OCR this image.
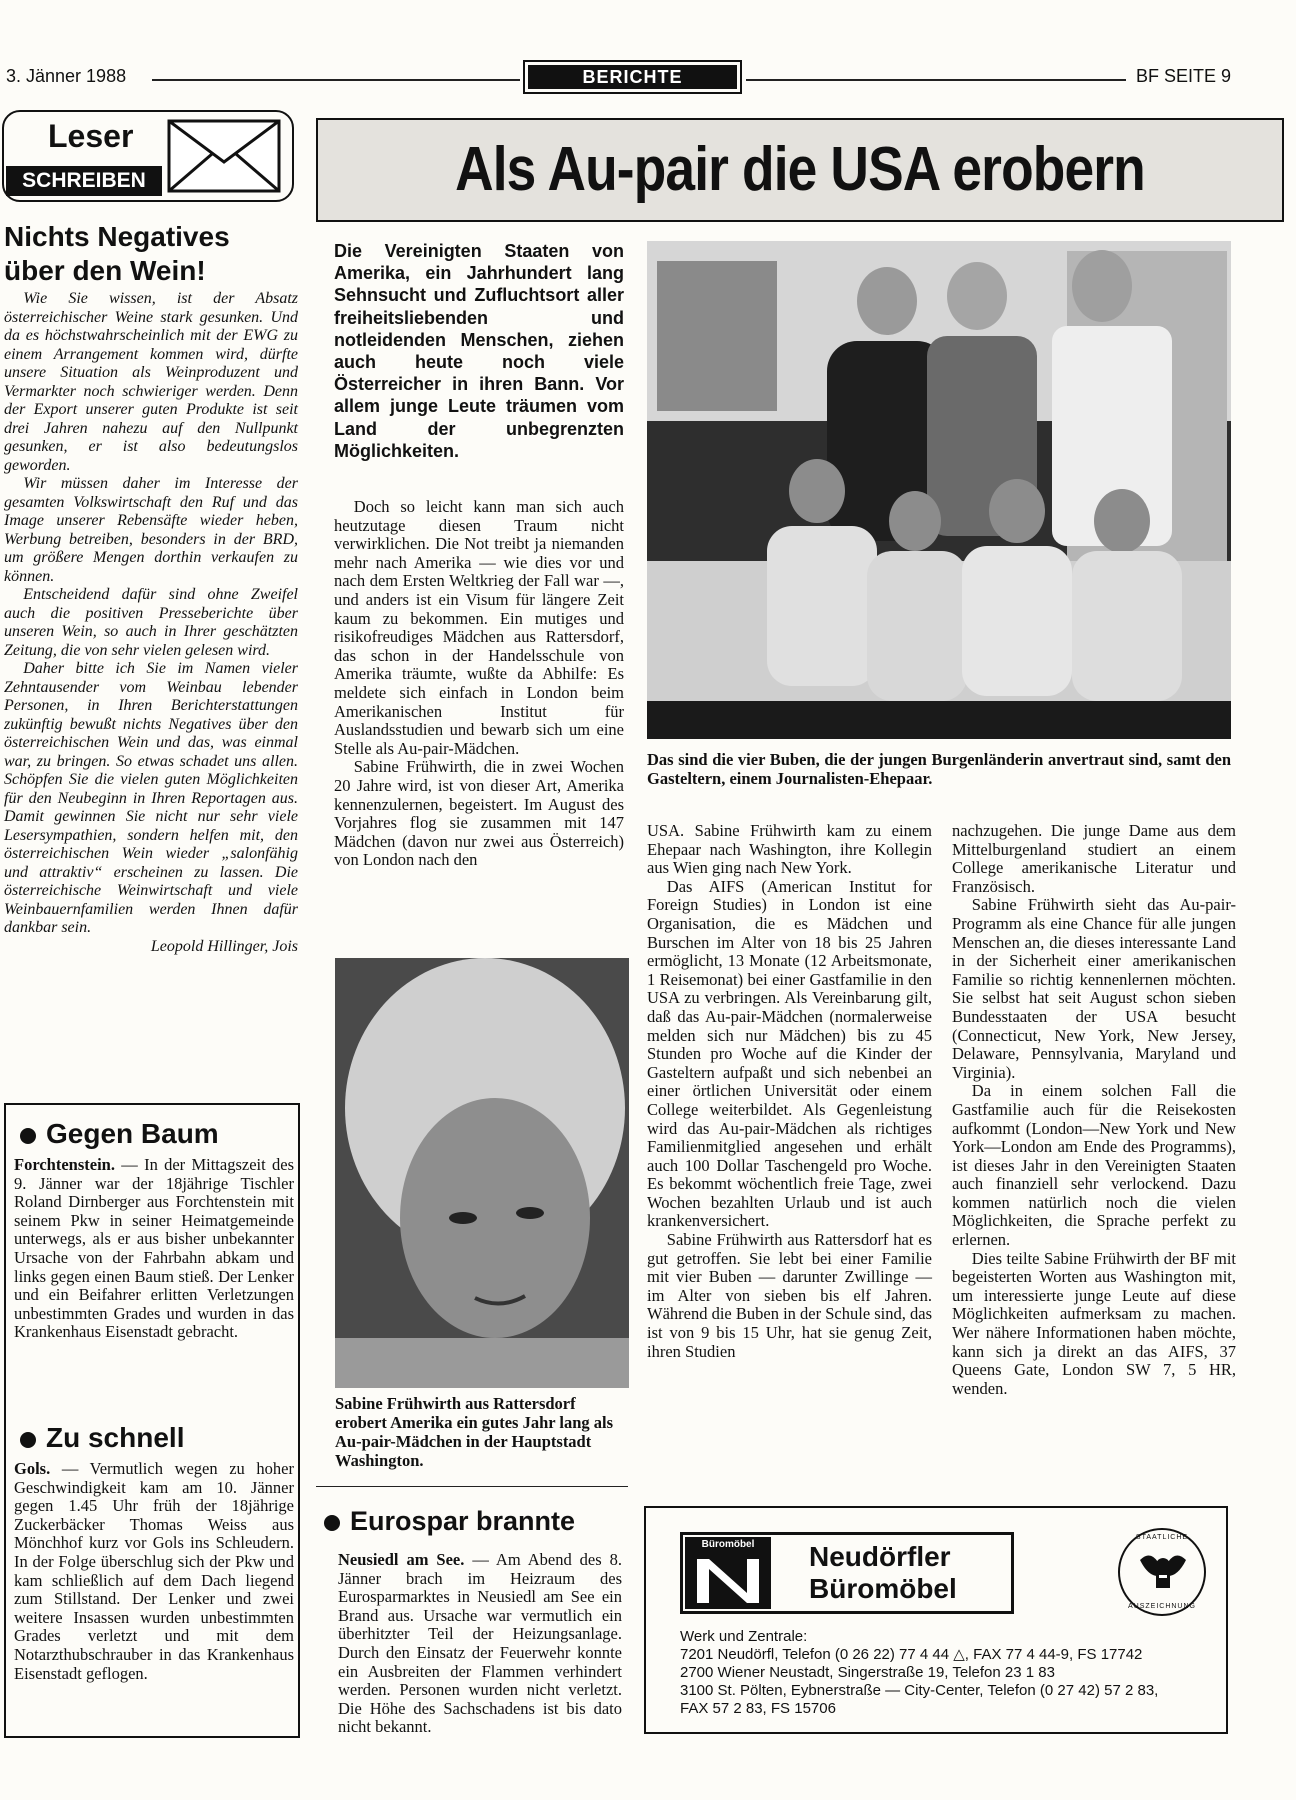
3. Jänner 1988	BERICHTE	BF SEITE 9
Leser
SCHREIBEN
Nichts Negatives
über den Wein!

Wie Sie wissen, ist der Absatz österreichischer Weine stark gesunken. Und da es höchstwahrscheinlich mit der EWG zu einem Arrangement kommen wird, dürfte unsere Situation als Weinproduzent und Vermarkter noch schwieriger werden. Denn der Export unserer guten Produkte ist seit drei Jahren nahezu auf den Nullpunkt gesunken, er ist also bedeutungslos geworden.

Wir müssen daher im Interesse der gesamten Volkswirtschaft den Ruf und das Image unserer Rebensäfte wieder heben, Werbung betreiben, besonders in der BRD, um größere Mengen dorthin verkaufen zu können.

Entscheidend dafür sind ohne Zweifel auch die positiven Presseberichte über unseren Wein, so auch in Ihrer geschätzten Zeitung, die von sehr vielen gelesen wird.

Daher bitte ich Sie im Namen vieler Zehntausender vom Weinbau lebender Personen, in Ihren Berichterstattungen zukünftig bewußt nichts Negatives über den österreichischen Wein und das, was einmal war, zu bringen. So etwas schadet uns allen. Schöpfen Sie die vielen guten Möglichkeiten für den Neubeginn in Ihren Reportagen aus. Damit gewinnen Sie nicht nur sehr viele Lesersympathien, sondern helfen mit, den österreichischen Wein wieder „salonfähig und attraktiv“ erscheinen zu lassen. Die österreichische Weinwirtschaft und viele Weinbauernfamilien werden Ihnen dafür dankbar sein.

Leopold Hillinger, Jois

Gegen Baum
Forchtenstein. — In der Mittagszeit des 9. Jänner war der 18jährige Tischler Roland Dirnberger aus Forchtenstein mit seinem Pkw in seiner Heimatgemeinde unterwegs, als er aus bisher unbekannter Ursache von der Fahrbahn abkam und links gegen einen Baum stieß. Der Lenker und ein Beifahrer erlitten Verletzungen unbestimmten Grades und wurden in das Krankenhaus Eisenstadt gebracht.
Zu schnell
Gols. — Vermutlich wegen zu hoher Geschwindigkeit kam am 10. Jänner gegen 1.45 Uhr früh der 18jährige Zuckerbäcker Thomas Weiss aus Mönchhof kurz vor Gols ins Schleudern. In der Folge überschlug sich der Pkw und kam schließlich auf dem Dach liegend zum Stillstand. Der Lenker und zwei weitere Insassen wurden unbestimmten Grades verletzt und mit dem Notarzthubschrauber in das Krankenhaus Eisenstadt geflogen.
Als Au-pair die USA erobern
Die Vereinigten Staaten von Amerika, ein Jahrhundert lang Sehnsucht und Zufluchtsort aller freiheitsliebenden und notleidenden Menschen, ziehen auch heute noch viele Österreicher in ihren Bann. Vor allem junge Leute träumen vom Land der unbegrenzten Möglichkeiten.

Doch so leicht kann man sich auch heutzutage diesen Traum nicht verwirklichen. Die Not treibt ja niemanden mehr nach Amerika — wie dies vor und nach dem Ersten Weltkrieg der Fall war —, und anders ist ein Visum für längere Zeit kaum zu bekommen. Ein mutiges und risikofreudiges Mädchen aus Rattersdorf, das schon in der Handelsschule von Amerika träumte, wußte da Abhilfe: Es meldete sich einfach in London beim Amerikanischen Institut für Auslandsstudien und bewarb sich um eine Stelle als Au-pair-Mädchen.

Sabine Frühwirth, die in zwei Wochen 20 Jahre wird, ist von dieser Art, Amerika kennenzulernen, begeistert. Im August des Vorjahres flog sie zusammen mit 147 Mädchen (davon nur zwei aus Österreich) von London nach den

Das sind die vier Buben, die der jungen Burgenländerin anvertraut sind, samt den Gasteltern, einem Journalisten-Ehepaar.
Sabine Frühwirth aus Rattersdorf erobert Amerika ein gutes Jahr lang als Au-pair-Mädchen in der Hauptstadt Washington.

USA. Sabine Frühwirth kam zu einem Ehepaar nach Washington, ihre Kollegin aus Wien ging nach New York.

Das AIFS (American Institut for Foreign Studies) in London ist eine Organisation, die es Mädchen und Burschen im Alter von 18 bis 25 Jahren ermöglicht, 13 Monate (12 Arbeitsmonate, 1 Reisemonat) bei einer Gastfamilie in den USA zu verbringen. Als Vereinbarung gilt, daß das Au-pair-Mädchen (normalerweise melden sich nur Mädchen) bis zu 45 Stunden pro Woche auf die Kinder der Gasteltern aufpaßt und sich nebenbei an einer örtlichen Universität oder einem College weiterbildet. Als Gegenleistung wird das Au-pair-Mädchen als richtiges Familienmitglied angesehen und erhält auch 100 Dollar Taschengeld pro Woche. Es bekommt wöchentlich freie Tage, zwei Wochen bezahlten Urlaub und ist auch krankenversichert.

Sabine Frühwirth aus Rattersdorf hat es gut getroffen. Sie lebt bei einer Familie mit vier Buben — darunter Zwillinge — im Alter von sieben bis elf Jahren. Während die Buben in der Schule sind, das ist von 9 bis 15 Uhr, hat sie genug Zeit, ihren Studien

nachzugehen. Die junge Dame aus dem Mittelburgenland studiert an einem College amerikanische Literatur und Französisch.

Sabine Frühwirth sieht das Au-pair-Programm als eine Chance für alle jungen Menschen an, die dieses interessante Land in der Sicherheit einer amerikanischen Familie so richtig kennenlernen möchten. Sie selbst hat seit August schon sieben Bundesstaaten der USA besucht (Connecticut, New York, New Jersey, Delaware, Pennsylvania, Maryland und Virginia).

Da in einem solchen Fall die Gastfamilie auch für die Reisekosten aufkommt (London—New York und New York—London am Ende des Programms), ist dieses Jahr in den Vereinigten Staaten auch finanziell sehr verlockend. Dazu kommen natürlich noch die vielen Möglichkeiten, die Sprache perfekt zu erlernen.

Dies teilte Sabine Frühwirth der BF mit begeisterten Worten aus Washington mit, um interessierte junge Leute auf diese Möglichkeiten aufmerksam zu machen. Wer nähere Informationen haben möchte, kann sich ja direkt an das AIFS, 37 Queens Gate, London SW 7, 5 HR, wenden.

Eurospar brannte
Neusiedl am See. — Am Abend des 8. Jänner brach im Heizraum des Eurosparmarktes in Neusiedl am See ein Brand aus. Ursache war vermutlich ein überhitzter Teil der Heizungsanlage. Durch den Einsatz der Feuerwehr konnte ein Ausbreiten der Flammen verhindert werden. Personen wurden nicht verletzt. Die Höhe des Sachschadens ist bis dato nicht bekannt.
Büromöbel	Neudörfler
Büromöbel
STAATLICHE
AUSZEICHNUNG
Werk und Zentrale:
7201 Neudörfl, Telefon (0 26 22) 77 4 44 △, FAX 77 4 44-9, FS 17742
2700 Wiener Neustadt, Singerstraße 19, Telefon 23 1 83
3100 St. Pölten, Eybnerstraße — City-Center, Telefon (0 27 42) 57 2 83,
FAX 57 2 83, FS 15706
